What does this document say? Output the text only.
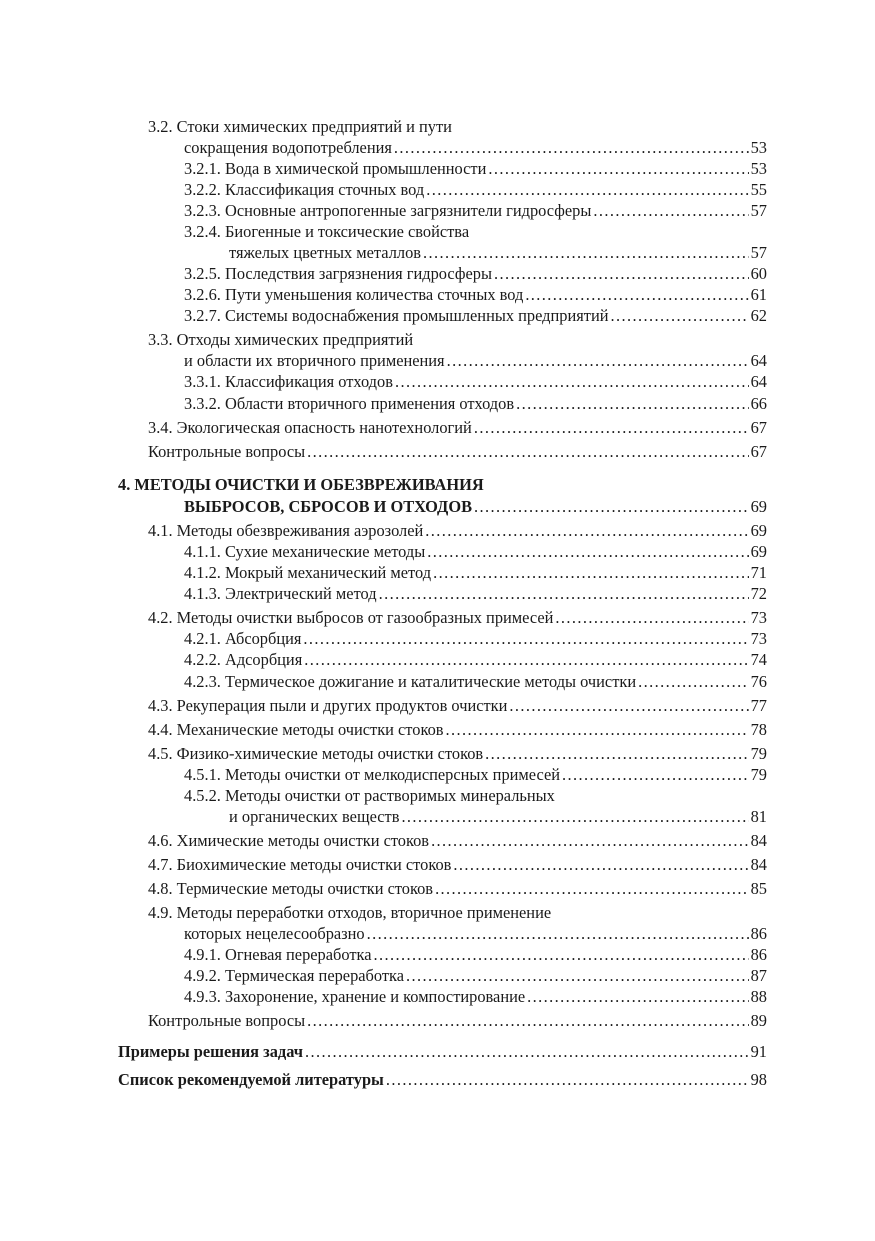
3.2. Стоки химических предприятий и пути
сокращения водопотребления .....	53
3.2.1. Вода в химической промышленности .....	53
3.2.2. Классификация сточных вод .....	55
3.2.3. Основные антропогенные загрязнители гидросферы .....	57
3.2.4. Биогенные и токсические свойства
тяжелых цветных металлов .....	57
3.2.5. Последствия загрязнения гидросферы .....	60
3.2.6. Пути уменьшения количества сточных вод .....	61
3.2.7. Системы водоснабжения промышленных предприятий .....	62
3.3. Отходы химических предприятий
и области их вторичного применения .....	64
3.3.1. Классификация отходов .....	64
3.3.2. Области вторичного применения отходов .....	66
3.4. Экологическая опасность нанотехнологий .....	67
Контрольные вопросы .....	67
4. МЕТОДЫ ОЧИСТКИ И ОБЕЗВРЕЖИВАНИЯ
ВЫБРОСОВ, СБРОСОВ И ОТХОДОВ .....	69
4.1. Методы обезвреживания аэрозолей .....	69
4.1.1. Сухие механические методы .....	69
4.1.2. Мокрый механический метод .....	71
4.1.3. Электрический метод .....	72
4.2. Методы очистки выбросов от газообразных примесей .....	73
4.2.1. Абсорбция .....	73
4.2.2. Адсорбция .....	74
4.2.3. Термическое дожигание и каталитические методы очистки .....	76
4.3. Рекуперация пыли и других продуктов очистки .....	77
4.4. Механические методы очистки стоков .....	78
4.5. Физико-химические методы очистки стоков .....	79
4.5.1. Методы очистки от мелкодисперсных примесей .....	79
4.5.2. Методы очистки от растворимых минеральных
и органических веществ .....	81
4.6. Химические методы очистки стоков .....	84
4.7. Биохимические методы очистки стоков .....	84
4.8. Термические методы очистки стоков .....	85
4.9. Методы переработки отходов, вторичное применение
которых нецелесообразно .....	86
4.9.1. Огневая переработка .....	86
4.9.2. Термическая переработка .....	87
4.9.3. Захоронение, хранение и компостирование .....	88
Контрольные вопросы .....	89
Примеры решения задач .....	91
Список рекомендуемой литературы .....	98
